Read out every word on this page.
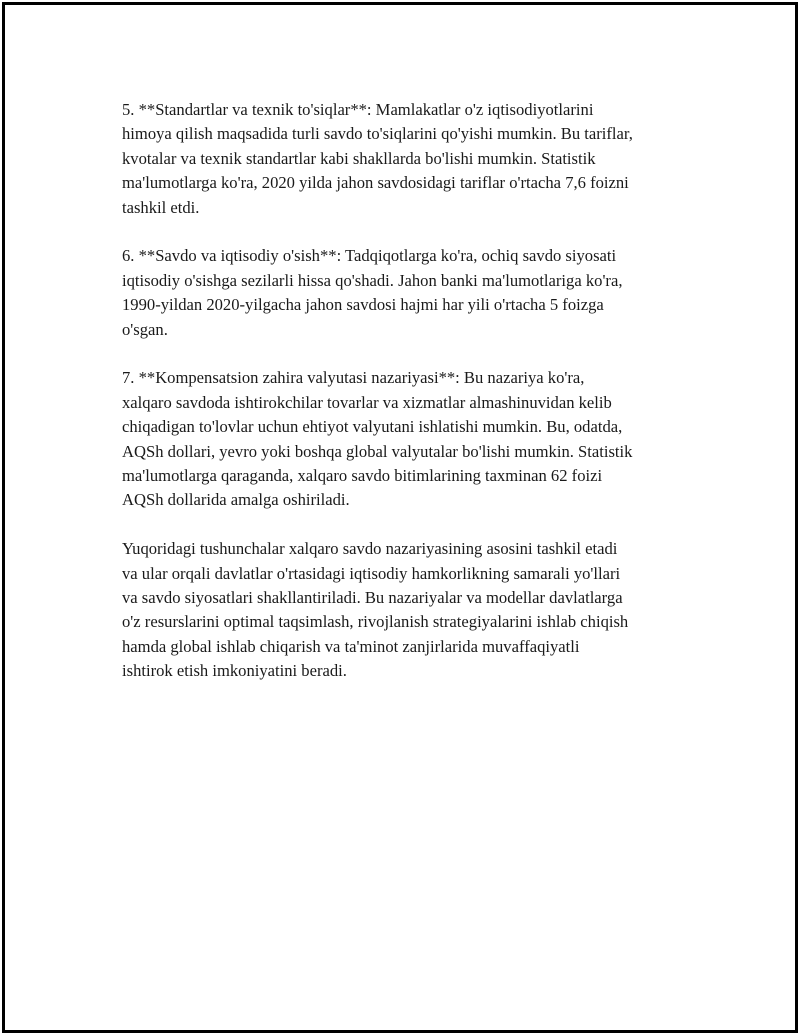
5. **Standartlar va texnik to'siqlar**: Mamlakatlar o'z iqtisodiyotlarini
himoya qilish maqsadida turli savdo to'siqlarini qo'yishi mumkin. Bu tariflar,
kvotalar va texnik standartlar kabi shakllarda bo'lishi mumkin. Statistik
ma'lumotlarga ko'ra, 2020 yilda jahon savdosidagi tariflar o'rtacha 7,6 foizni
tashkil etdi.

6. **Savdo va iqtisodiy o'sish**: Tadqiqotlarga ko'ra, ochiq savdo siyosati
iqtisodiy o'sishga sezilarli hissa qo'shadi. Jahon banki ma'lumotlariga ko'ra,
1990-yildan 2020-yilgacha jahon savdosi hajmi har yili o'rtacha 5 foizga
o'sgan.

7. **Kompensatsion zahira valyutasi nazariyasi**: Bu nazariya ko'ra,
xalqaro savdoda ishtirokchilar tovarlar va xizmatlar almashinuvidan kelib
chiqadigan to'lovlar uchun ehtiyot valyutani ishlatishi mumkin. Bu, odatda,
AQSh dollari, yevro yoki boshqa global valyutalar bo'lishi mumkin. Statistik
ma'lumotlarga qaraganda, xalqaro savdo bitimlarining taxminan 62 foizi
AQSh dollarida amalga oshiriladi.

Yuqoridagi tushunchalar xalqaro savdo nazariyasining asosini tashkil etadi
va ular orqali davlatlar o'rtasidagi iqtisodiy hamkorlikning samarali yo'llari
va savdo siyosatlari shakllantiriladi. Bu nazariyalar va modellar davlatlarga
o'z resurslarini optimal taqsimlash, rivojlanish strategiyalarini ishlab chiqish
hamda global ishlab chiqarish va ta'minot zanjirlarida muvaffaqiyatli
ishtirok etish imkoniyatini beradi.
